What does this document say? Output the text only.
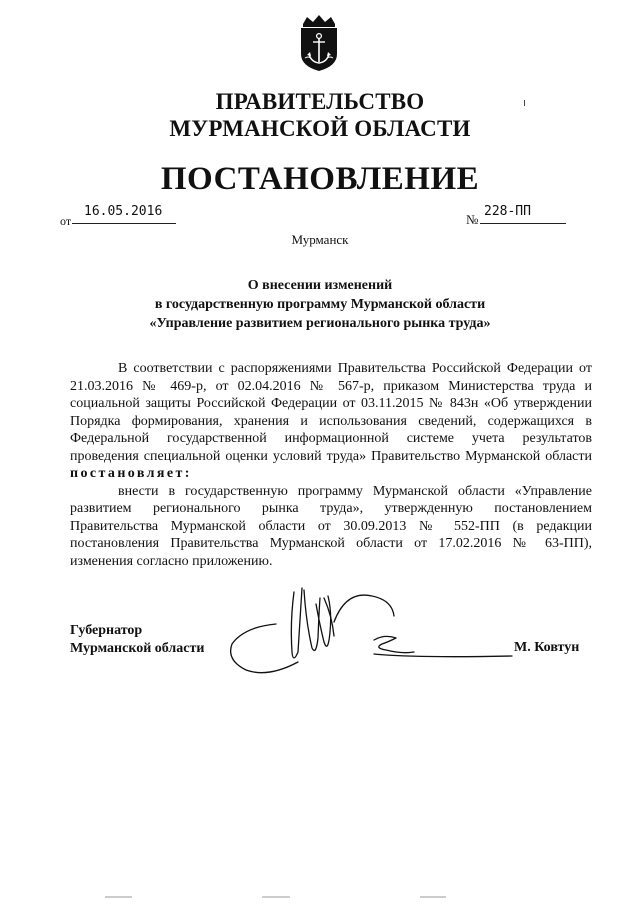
ПРАВИТЕЛЬСТВО
МУРМАНСКОЙ ОБЛАСТИ
ПОСТАНОВЛЕНИЕ
от
16.05.2016
№
228-ПП
Мурманск
О внесении изменений
в государственную программу Мурманской области
«Управление развитием регионального рынка труда»

В соответствии с распоряжениями Правительства Российской Федерации от 21.03.2016 № 469-р, от 02.04.2016 № 567-р, приказом Министерства труда и социальной защиты Российской Федерации от 03.11.2015 № 843н «Об утверждении Порядка формирования, хранения и использования сведений, содержащихся в Федеральной государственной информационной системе учета результатов проведения специальной оценки условий труда» Правительство Мурманской области постановляет:

внести в государственную программу Мурманской области «Управление развитием регионального рынка труда», утвержденную постановлением Правительства Мурманской области от 30.09.2013 № 552-ПП (в редакции постановления Правительства Мурманской области от 17.02.2016 № 63-ПП), изменения согласно приложению.

Губернатор
Мурманской области	М. Ковтун
